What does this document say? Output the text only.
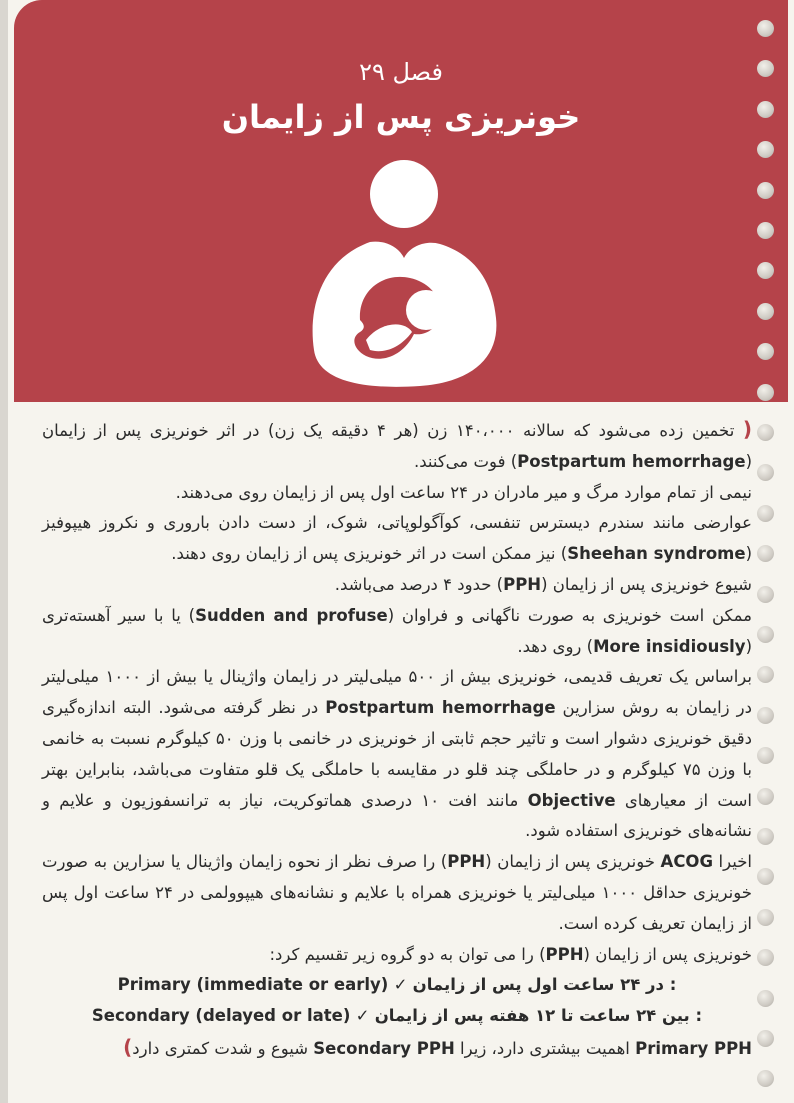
فصل ۲۹
خونریزی پس از زایمان

( تخمین زده می‌شود که سالانه ۱۴۰،۰۰۰ زن (هر ۴ دقیقه یک زن) در اثر خونریزی پس از زایمان (Postpartum hemorrhage) فوت می‌کنند.

نیمی از تمام موارد مرگ و میر مادران در ۲۴ ساعت اول پس از زایمان روی می‌دهند.

عوارضی مانند سندرم دیسترس تنفسی، کوآگولوپاتی، شوک، از دست دادن باروری و نکروز هیپوفیز (Sheehan syndrome) نیز ممکن است در اثر خونریزی پس از زایمان روی دهند.

شیوع خونریزی پس از زایمان (PPH) حدود ۴ درصد می‌باشد.

ممکن است خونریزی به صورت ناگهانی و فراوان (Sudden and profuse) یا با سیر آهسته‌تری (More insidiously) روی دهد.

براساس یک تعریف قدیمی، خونریزی بیش از ۵۰۰ میلی‌لیتر در زایمان واژینال یا بیش از ۱۰۰۰ میلی‌لیتر در زایمان به روش سزارین Postpartum hemorrhage در نظر گرفته می‌شود. البته اندازه‌گیری دقیق خونریزی دشوار است و تاثیر حجم ثابتی از خونریزی در خانمی با وزن ۵۰ کیلوگرم نسبت به خانمی با وزن ۷۵ کیلوگرم و در حاملگی چند قلو در مقایسه با حاملگی یک قلو متفاوت می‌باشد، بنابراین بهتر است از معیارهای Objective مانند افت ۱۰ درصدی هماتوکریت، نیاز به ترانسفوزیون و علایم و نشانه‌های خونریزی استفاده شود.

اخیرا ACOG خونریزی پس از زایمان (PPH) را صرف نظر از نحوه زایمان واژینال یا سزارین به صورت خونریزی حداقل ۱۰۰۰ میلی‌لیتر یا خونریزی همراه با علایم و نشانه‌های هیپوولمی در ۲۴ ساعت اول پس از زایمان تعریف کرده است.

خونریزی پس از زایمان (PPH) را می توان به دو گروه زیر تقسیم کرد:

: در ۲۴ ساعت اول پس از زایمان Primary (immediate or early) ✓

: بین ۲۴ ساعت تا ۱۲ هفته پس از زایمان Secondary (delayed or late) ✓

Primary PPH اهمیت بیشتری دارد، زیرا Secondary PPH شیوع و شدت کمتری دارد)
